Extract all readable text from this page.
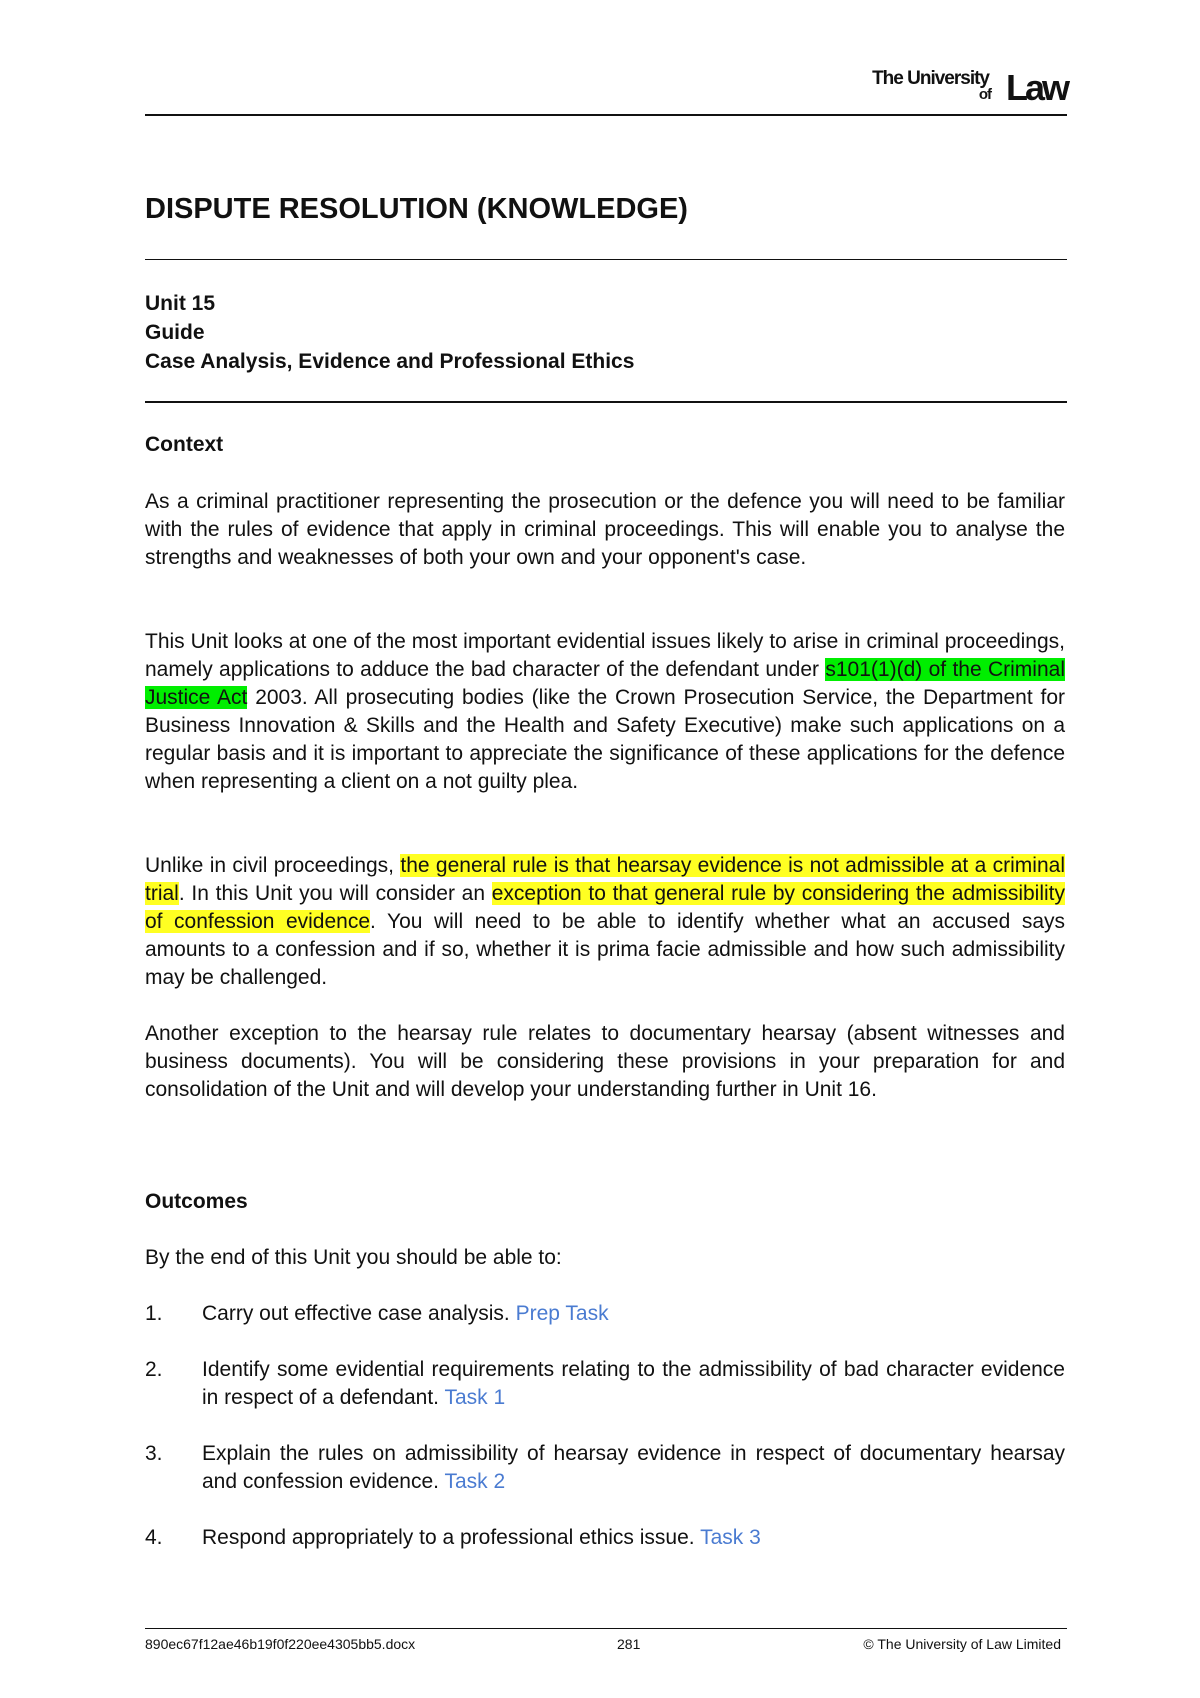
The University
of Law
DISPUTE RESOLUTION (KNOWLEDGE)
Unit 15
Guide
Case Analysis, Evidence and Professional Ethics
Context

As a criminal practitioner representing the prosecution or the defence you will need to be familiar with the rules of evidence that apply in criminal proceedings. This will enable you to analyse the strengths and weaknesses of both your own and your opponent's case.

This Unit looks at one of the most important evidential issues likely to arise in criminal proceedings, namely applications to adduce the bad character of the defendant under s101(1)(d) of the Criminal Justice Act 2003. All prosecuting bodies (like the Crown Prosecution Service, the Department for Business Innovation & Skills and the Health and Safety Executive) make such applications on a regular basis and it is important to appreciate the significance of these applications for the defence when representing a client on a not guilty plea.

Unlike in civil proceedings, the general rule is that hearsay evidence is not admissible at a criminal trial. In this Unit you will consider an exception to that general rule by considering the admissibility of confession evidence. You will need to be able to identify whether what an accused says amounts to a confession and if so, whether it is prima facie admissible and how such admissibility may be challenged.

Another exception to the hearsay rule relates to documentary hearsay (absent witnesses and business documents). You will be considering these provisions in your preparation for and consolidation of the Unit and will develop your understanding further in Unit 16.

Outcomes

By the end of this Unit you should be able to:

1. Carry out effective case analysis. Prep Task
2. Identify some evidential requirements relating to the admissibility of bad character evidence in respect of a defendant. Task 1
3. Explain the rules on admissibility of hearsay evidence in respect of documentary hearsay and confession evidence. Task 2
4. Respond appropriately to a professional ethics issue. Task 3
890ec67f12ae46b19f0f220ee4305bb5.docx	281	© The University of Law Limited
